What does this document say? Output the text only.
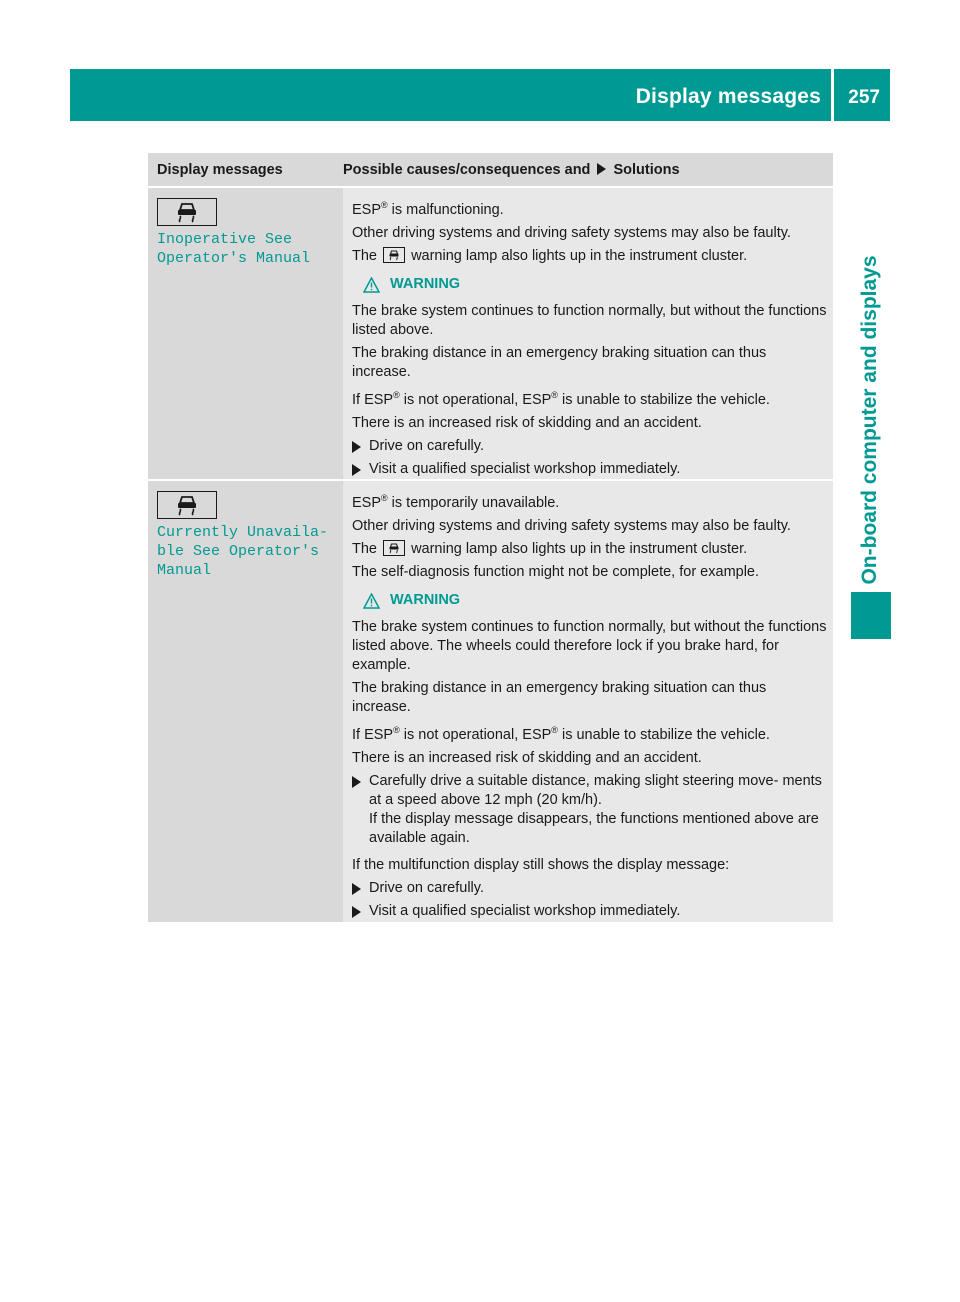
Display messages 257
On-board computer and displays
Display messages	Possible causes/consequences and Solutions
Inoperative See
Operator's Manual

ESP® is malfunctioning.

Other driving systems and driving safety systems may also be faulty.

The warning lamp also lights up in the instrument cluster.

WARNING

The brake system continues to function normally, but without the functions listed above.

The braking distance in an emergency braking situation can thus increase.

If ESP® is not operational, ESP® is unable to stabilize the vehicle.

There is an increased risk of skidding and an accident.

Drive on carefully.
Visit a qualified specialist workshop immediately.
Currently Unavaila‐
ble See Operator's
Manual

ESP® is temporarily unavailable.

Other driving systems and driving safety systems may also be faulty.

The warning lamp also lights up in the instrument cluster.

The self-diagnosis function might not be complete, for example.

WARNING

The brake system continues to function normally, but without the functions listed above. The wheels could therefore lock if you brake hard, for example.

The braking distance in an emergency braking situation can thus increase.

If ESP® is not operational, ESP® is unable to stabilize the vehicle.

There is an increased risk of skidding and an accident.

Carefully drive a suitable distance, making slight steering move‐ ments at a speed above 12 mph (20 km/h).
If the display message disappears, the functions mentioned above are available again.

If the multifunction display still shows the display message:

Drive on carefully.
Visit a qualified specialist workshop immediately.
